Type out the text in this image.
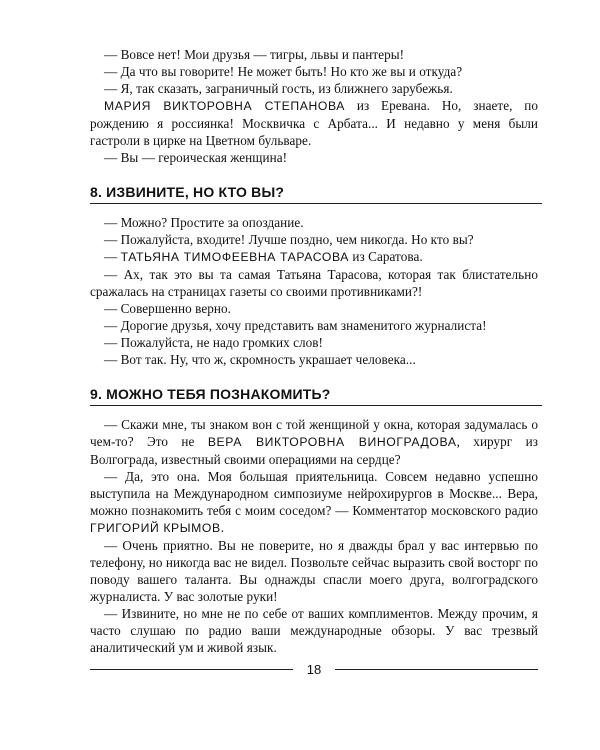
— Вовсе нет! Мои друзья — тигры, львы и пантеры!

— Да что вы говорите! Не может быть! Но кто же вы и откуда?

— Я, так сказать, заграничный гость, из ближнего зарубежья.

МАРИЯ ВИКТОРОВНА СТЕПАНОВА из Еревана. Но, знаете, по рождению я россиянка! Москвичка с Арбата... И недавно у меня были гастроли в цирке на Цветном бульваре.

— Вы — героическая женщина!

8. ИЗВИНИТЕ, НО КТО ВЫ?

— Можно? Простите за опоздание.

— Пожалуйста, входите! Лучше поздно, чем никогда. Но кто вы?

— ТАТЬЯНА ТИМОФЕЕВНА ТАРАСОВА из Саратова.

— Ах, так это вы та самая Татьяна Тарасова, которая так блистательно сражалась на страницах газеты со своими противниками?!

— Совершенно верно.

— Дорогие друзья, хочу представить вам знаменитого журналиста!

— Пожалуйста, не надо громких слов!

— Вот так. Ну, что ж, скромность украшает человека...

9. МОЖНО ТЕБЯ ПОЗНАКОМИТЬ?

— Скажи мне, ты знаком вон с той женщиной у окна, которая задумалась о чем-то? Это не ВЕРА ВИКТОРОВНА ВИНОГРАДОВА, хирург из Волгограда, известный своими операциями на сердце?

— Да, это она. Моя большая приятельница. Совсем недавно успешно выступила на Международном симпозиуме нейрохирургов в Москве... Вера, можно познакомить тебя с моим соседом? — Комментатор московского радио ГРИГОРИЙ КРЫМОВ.

— Очень приятно. Вы не поверите, но я дважды брал у вас интервью по телефону, но никогда вас не видел. Позвольте сейчас выразить свой восторг по поводу вашего таланта. Вы однажды спасли моего друга, волгоградского журналиста. У вас золотые руки!

— Извините, но мне не по себе от ваших комплиментов. Между прочим, я часто слушаю по радио ваши международные обзоры. У вас трезвый аналитический ум и живой язык.

18
